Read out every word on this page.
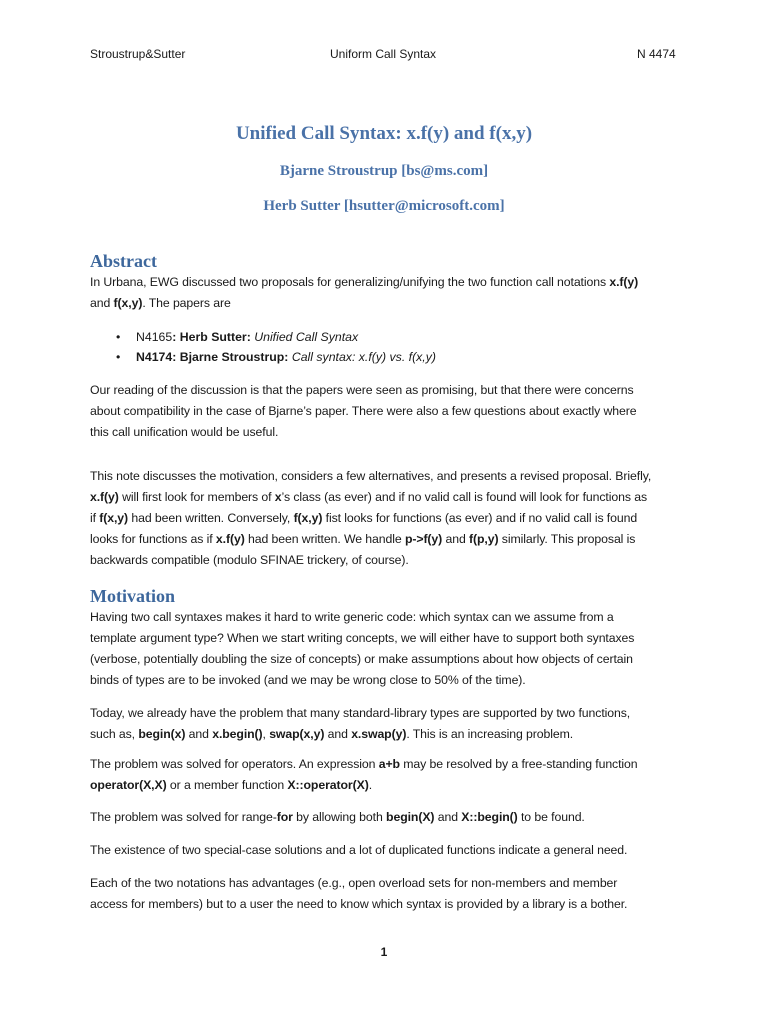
Stroustrup&Sutter	Uniform Call Syntax	N 4474
Unified Call Syntax: x.f(y) and f(x,y)
Bjarne Stroustrup [bs@ms.com]
Herb Sutter [hsutter@microsoft.com]
Abstract
Motivation
In Urbana, EWG discussed two proposals for generalizing/unifying the two function call notations x.f(y)
and f(x,y). The papers are
• N4165: Herb Sutter: Unified Call Syntax
• N4174: Bjarne Stroustrup: Call syntax: x.f(y) vs. f(x,y)
Our reading of the discussion is that the papers were seen as promising, but that there were concerns
about compatibility in the case of Bjarne’s paper. There were also a few questions about exactly where
this call unification would be useful.
This note discusses the motivation, considers a few alternatives, and presents a revised proposal. Briefly,
x.f(y) will first look for members of x’s class (as ever) and if no valid call is found will look for functions as
if f(x,y) had been written. Conversely, f(x,y) fist looks for functions (as ever) and if no valid call is found
looks for functions as if x.f(y) had been written. We handle p->f(y) and f(p,y) similarly. This proposal is
backwards compatible (modulo SFINAE trickery, of course).
Having two call syntaxes makes it hard to write generic code: which syntax can we assume from a
template argument type? When we start writing concepts, we will either have to support both syntaxes
(verbose, potentially doubling the size of concepts) or make assumptions about how objects of certain
binds of types are to be invoked (and we may be wrong close to 50% of the time).
Today, we already have the problem that many standard-library types are supported by two functions,
such as, begin(x) and x.begin(), swap(x,y) and x.swap(y). This is an increasing problem.
The problem was solved for operators. An expression a+b may be resolved by a free-standing function
operator(X,X) or a member function X::operator(X).
The problem was solved for range-for by allowing both begin(X) and X::begin() to be found.
The existence of two special-case solutions and a lot of duplicated functions indicate a general need.
Each of the two notations has advantages (e.g., open overload sets for non-members and member
access for members) but to a user the need to know which syntax is provided by a library is a bother.
1
